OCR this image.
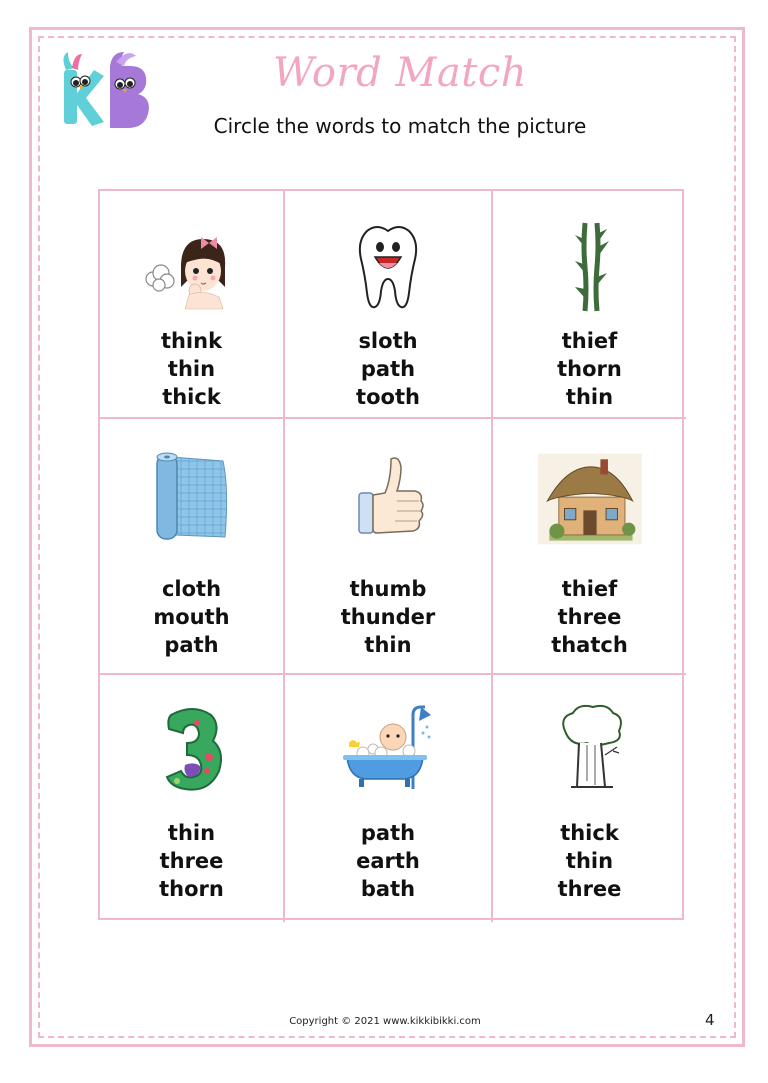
Word Match
Circle the words to match the picture
think
thin
thick
sloth
path
tooth
thief
thorn
thin
cloth
mouth
path
thumb
thunder
thin
thief
three
thatch
thin
three
thorn
path
earth
bath
thick
thin
three
Copyright © 2021 www.kikkibikki.com	4
